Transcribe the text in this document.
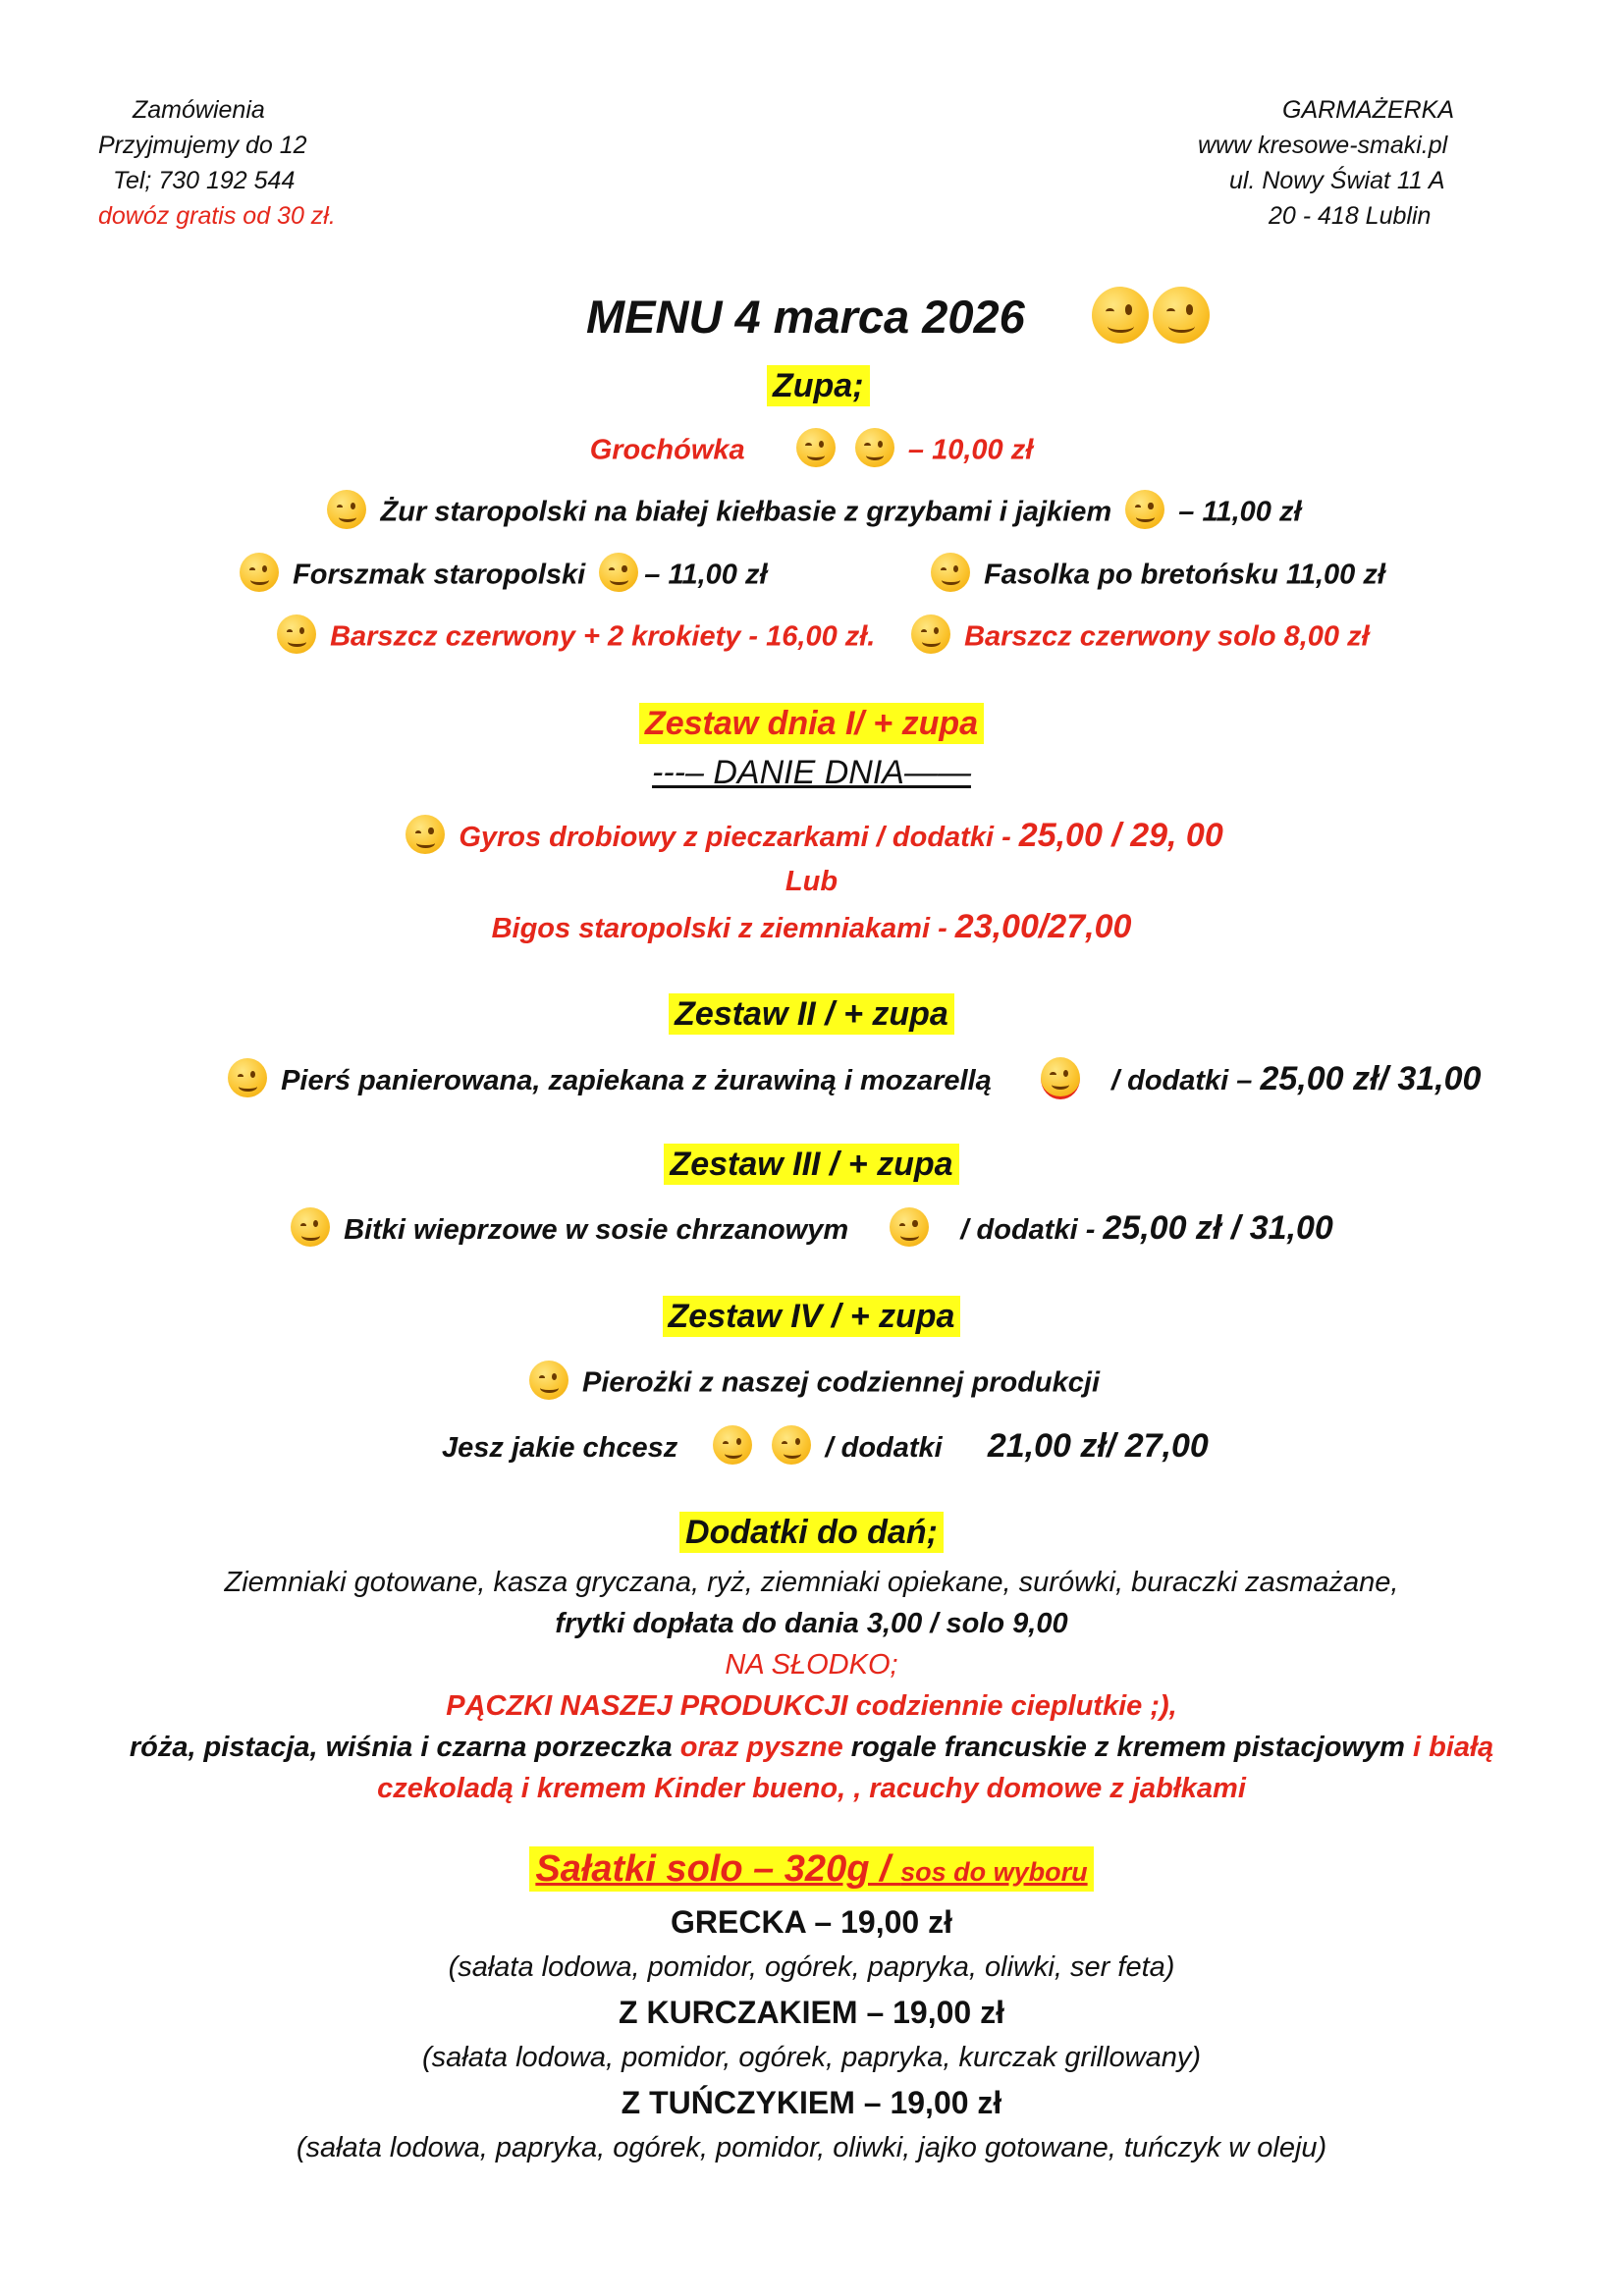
Zamówienia
Przyjmujemy do 12
Tel; 730 192 544
dowóz gratis od 30 zł.
GARMAŻERKA
www kresowe-smaki.pl
ul. Nowy Świat 11 A
20 - 418 Lublin
MENU 4 marca 2026
Zupa;
Grochówka
	– 10,00 zł
Żur staropolski na białej kiełbasie z grzybami i jajkiem – 11,00 zł
Forszmak staropolski – 11,00 zł	Fasolka po bretońsku 11,00 zł
Barszcz czerwony + 2 krokiety - 16,00 zł.	Barszcz czerwony solo 8,00 zł
Zestaw dnia I/ + zupa
---– DANIE DNIA——
Gyros drobiowy z pieczarkami / dodatki - 25,00 / 29, 00
Lub
Bigos staropolski z ziemniakami - 23,00/27,00
Zestaw II / + zupa
Pierś panierowana, zapiekana z żurawiną i mozarellą	/ dodatki – 25,00 zł/ 31,00
Zestaw III / + zupa
Bitki wieprzowe w sosie chrzanowym	/ dodatki - 25,00 zł / 31,00
Zestaw IV / + zupa
Pierożki z naszej codziennej produkcji
Jesz jakie chcesz
	/ dodatki 21,00 zł/ 27,00
Dodatki do dań;
Ziemniaki gotowane, kasza gryczana, ryż, ziemniaki opiekane, surówki, buraczki zasmażane,
frytki dopłata do dania 3,00 / solo 9,00
NA SŁODKO;
PĄCZKI NASZEJ PRODUKCJI codziennie cieplutkie ;),
róża, pistacja, wiśnia i czarna porzeczka oraz pyszne rogale francuskie z kremem pistacjowym i białą
czekoladą i kremem Kinder bueno, , racuchy domowe z jabłkami
Sałatki solo – 320g / sos do wyboru
GRECKA – 19,00 zł
(sałata lodowa, pomidor, ogórek, papryka, oliwki, ser feta)
Z KURCZAKIEM – 19,00 zł
(sałata lodowa, pomidor, ogórek, papryka, kurczak grillowany)
Z TUŃCZYKIEM – 19,00 zł
(sałata lodowa, papryka, ogórek, pomidor, oliwki, jajko gotowane, tuńczyk w oleju)
